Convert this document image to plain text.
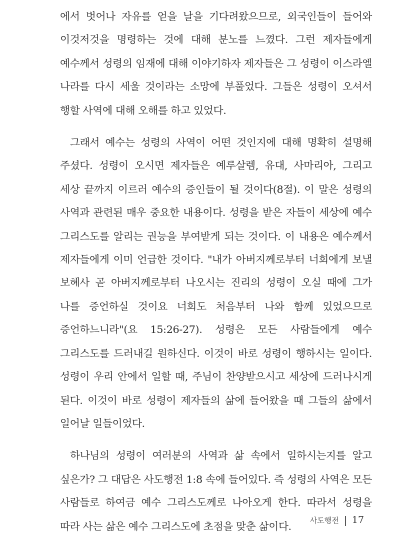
에서 벗어나 자유를 얻을 날을 기다려왔으므로, 외국인들이 들어와 이것저것을 명령하는 것에 대해 분노를 느꼈다. 그런 제자들에게 예수께서 성령의 임재에 대해 이야기하자 제자들은 그 성령이 이스라엘 나라를 다시 세울 것이라는 소망에 부풀었다. 그들은 성령이 오셔서 행할 사역에 대해 오해를 하고 있었다.

그래서 예수는 성령의 사역이 어떤 것인지에 대해 명확히 설명해 주셨다. 성령이 오시면 제자들은 예루살렘, 유대, 사마리아, 그리고 세상 끝까지 이르러 예수의 증인들이 될 것이다(8절). 이 말은 성령의 사역과 관련된 매우 중요한 내용이다. 성령을 받은 자들이 세상에 예수 그리스도를 알리는 권능을 부여받게 되는 것이다. 이 내용은 예수께서 제자들에게 이미 언급한 것이다. "내가 아버지께로부터 너희에게 보낼 보혜사 곧 아버지께로부터 나오시는 진리의 성령이 오실 때에 그가 나를 증언하실 것이요 너희도 처음부터 나와 함께 있었으므로 증언하느니라"(요 15:26-27). 성령은 모든 사람들에게 예수 그리스도를 드러내길 원하신다. 이것이 바로 성령이 행하시는 일이다. 성령이 우리 안에서 일할 때, 주님이 찬양받으시고 세상에 드러나시게 된다. 이것이 바로 성령이 제자들의 삶에 들어왔을 때 그들의 삶에서 일어날 일들이었다.

하나님의 성령이 여러분의 사역과 삶 속에서 일하시는지를 알고 싶은가? 그 대답은 사도행전 1:8 속에 들어있다. 즉 성령의 사역은 모든 사람들로 하여금 예수 그리스도께로 나아오게 한다. 따라서 성령을 따라 사는 삶은 예수 그리스도에 초점을 맞춘 삶이다.

사도행전 17
